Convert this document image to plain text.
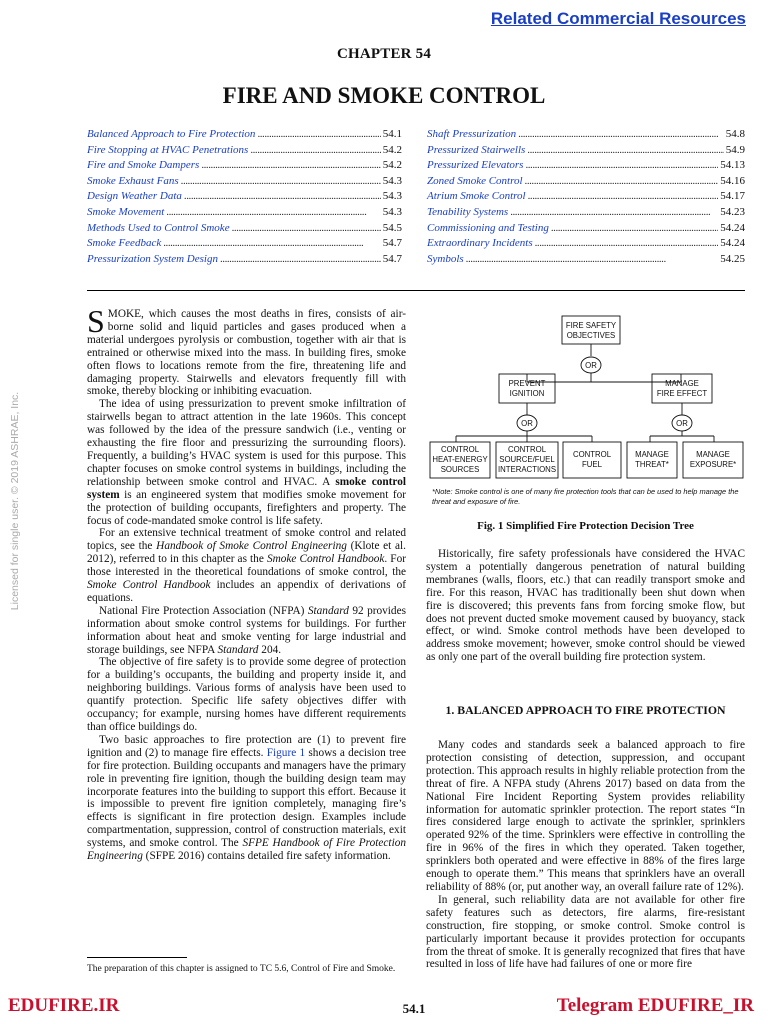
Related Commercial Resources
CHAPTER 54
FIRE AND SMOKE CONTROL
Balanced Approach to Fire Protection . . .	54.1
Fire Stopping at HVAC Penetrations . . .	54.2
Fire and Smoke Dampers . . .	54.2
Smoke Exhaust Fans . . .	54.3
Design Weather Data . . .	54.3
Smoke Movement . . .	54.3
Methods Used to Control Smoke . . .	54.5
Smoke Feedback . . .	54.7
Pressurization System Design . . .	54.7
Shaft Pressurization . . .	54.8
Pressurized Stairwells . . .	54.9
Pressurized Elevators . . .	54.13
Zoned Smoke Control . . .	54.16
Atrium Smoke Control . . .	54.17
Tenability Systems . . .	54.23
Commissioning and Testing . . .	54.24
Extraordinary Incidents . . .	54.24
Symbols . . .	54.25
Licensed for single user. © 2019 ASHRAE, Inc.

SMOKE, which causes the most deaths in fires, consists of air-borne solid and liquid particles and gases produced when a material undergoes pyrolysis or combustion, together with air that is entrained or otherwise mixed into the mass. In building fires, smoke often flows to locations remote from the fire, threatening life and damaging property. Stairwells and elevators frequently fill with smoke, thereby blocking or inhibiting evacuation.

The idea of using pressurization to prevent smoke infiltration of stairwells began to attract attention in the late 1960s. This concept was followed by the idea of the pressure sandwich (i.e., venting or exhausting the fire floor and pressurizing the surrounding floors). Frequently, a building’s HVAC system is used for this purpose. This chapter focuses on smoke control systems in buildings, including the relationship between smoke control and HVAC. A smoke control system is an engineered system that modifies smoke movement for the protection of building occupants, firefighters and property. The focus of code-mandated smoke control is life safety.

For an extensive technical treatment of smoke control and related topics, see the Handbook of Smoke Control Engineering (Klote et al. 2012), referred to in this chapter as the Smoke Control Handbook. For those interested in the theoretical foundations of smoke control, the Smoke Control Handbook includes an appendix of derivations of equations.

National Fire Protection Association (NFPA) Standard 92 provides information about smoke control systems for buildings. For further information about heat and smoke venting for large industrial and storage buildings, see NFPA Standard 204.

The objective of fire safety is to provide some degree of protection for a building’s occupants, the building and property inside it, and neighboring buildings. Various forms of analysis have been used to quantify protection. Specific life safety objectives differ with occupancy; for example, nursing homes have different requirements than office buildings do.

Two basic approaches to fire protection are (1) to prevent fire ignition and (2) to manage fire effects. Figure 1 shows a decision tree for fire protection. Building occupants and managers have the primary role in preventing fire ignition, though the building design team may incorporate features into the building to support this effort. Because it is impossible to prevent fire ignition completely, managing fire’s effects is significant in fire protection design. Examples include compartmentation, suppression, control of construction materials, exit systems, and smoke control. The SFPE Handbook of Fire Protection Engineering (SFPE 2016) contains detailed fire safety information.

The preparation of this chapter is assigned to TC 5.6, Control of Fire and Smoke.
FIRE SAFETY
OBJECTIVES
OR
PREVENT
IGNITION
MANAGE
FIRE EFFECT
OR	OR
CONTROL
HEAT-ENERGY
SOURCES
CONTROL
SOURCE/FUEL
INTERACTIONS
CONTROL
FUEL
MANAGE
THREAT*
MANAGE
EXPOSURE*
*Note: Smoke control is one of many fire protection tools that can be used to help manage the threat and exposure of fire.
Fig. 1 Simplified Fire Protection Decision Tree

Historically, fire safety professionals have considered the HVAC system a potentially dangerous penetration of natural building membranes (walls, floors, etc.) that can readily transport smoke and fire. For this reason, HVAC has traditionally been shut down when fire is discovered; this prevents fans from forcing smoke flow, but does not prevent ducted smoke movement caused by buoyancy, stack effect, or wind. Smoke control methods have been developed to address smoke movement; however, smoke control should be viewed as only one part of the overall building fire protection system.

1. BALANCED APPROACH TO FIRE PROTECTION

Many codes and standards seek a balanced approach to fire protection consisting of detection, suppression, and occupant protection. This approach results in highly reliable protection from the threat of fire. A NFPA study (Ahrens 2017) based on data from the National Fire Incident Reporting System provides reliability information for automatic sprinkler protection. The report states “In fires considered large enough to activate the sprinkler, sprinklers operated 92% of the time. Sprinklers were effective in controlling the fire in 96% of the fires in which they operated. Taken together, sprinklers both operated and were effective in 88% of the fires large enough to operate them.” This means that sprinklers have an overall reliability of 88% (or, put another way, an overall failure rate of 12%).

In general, such reliability data are not available for other fire safety features such as detectors, fire alarms, fire-resistant construction, fire stopping, or smoke control. Smoke control is particularly important because it provides protection for occupants from the threat of smoke. It is generally recognized that fires that have resulted in loss of life have had failures of one or more fire

EDUFIRE.IR	54.1	Telegram EDUFIRE_IR
